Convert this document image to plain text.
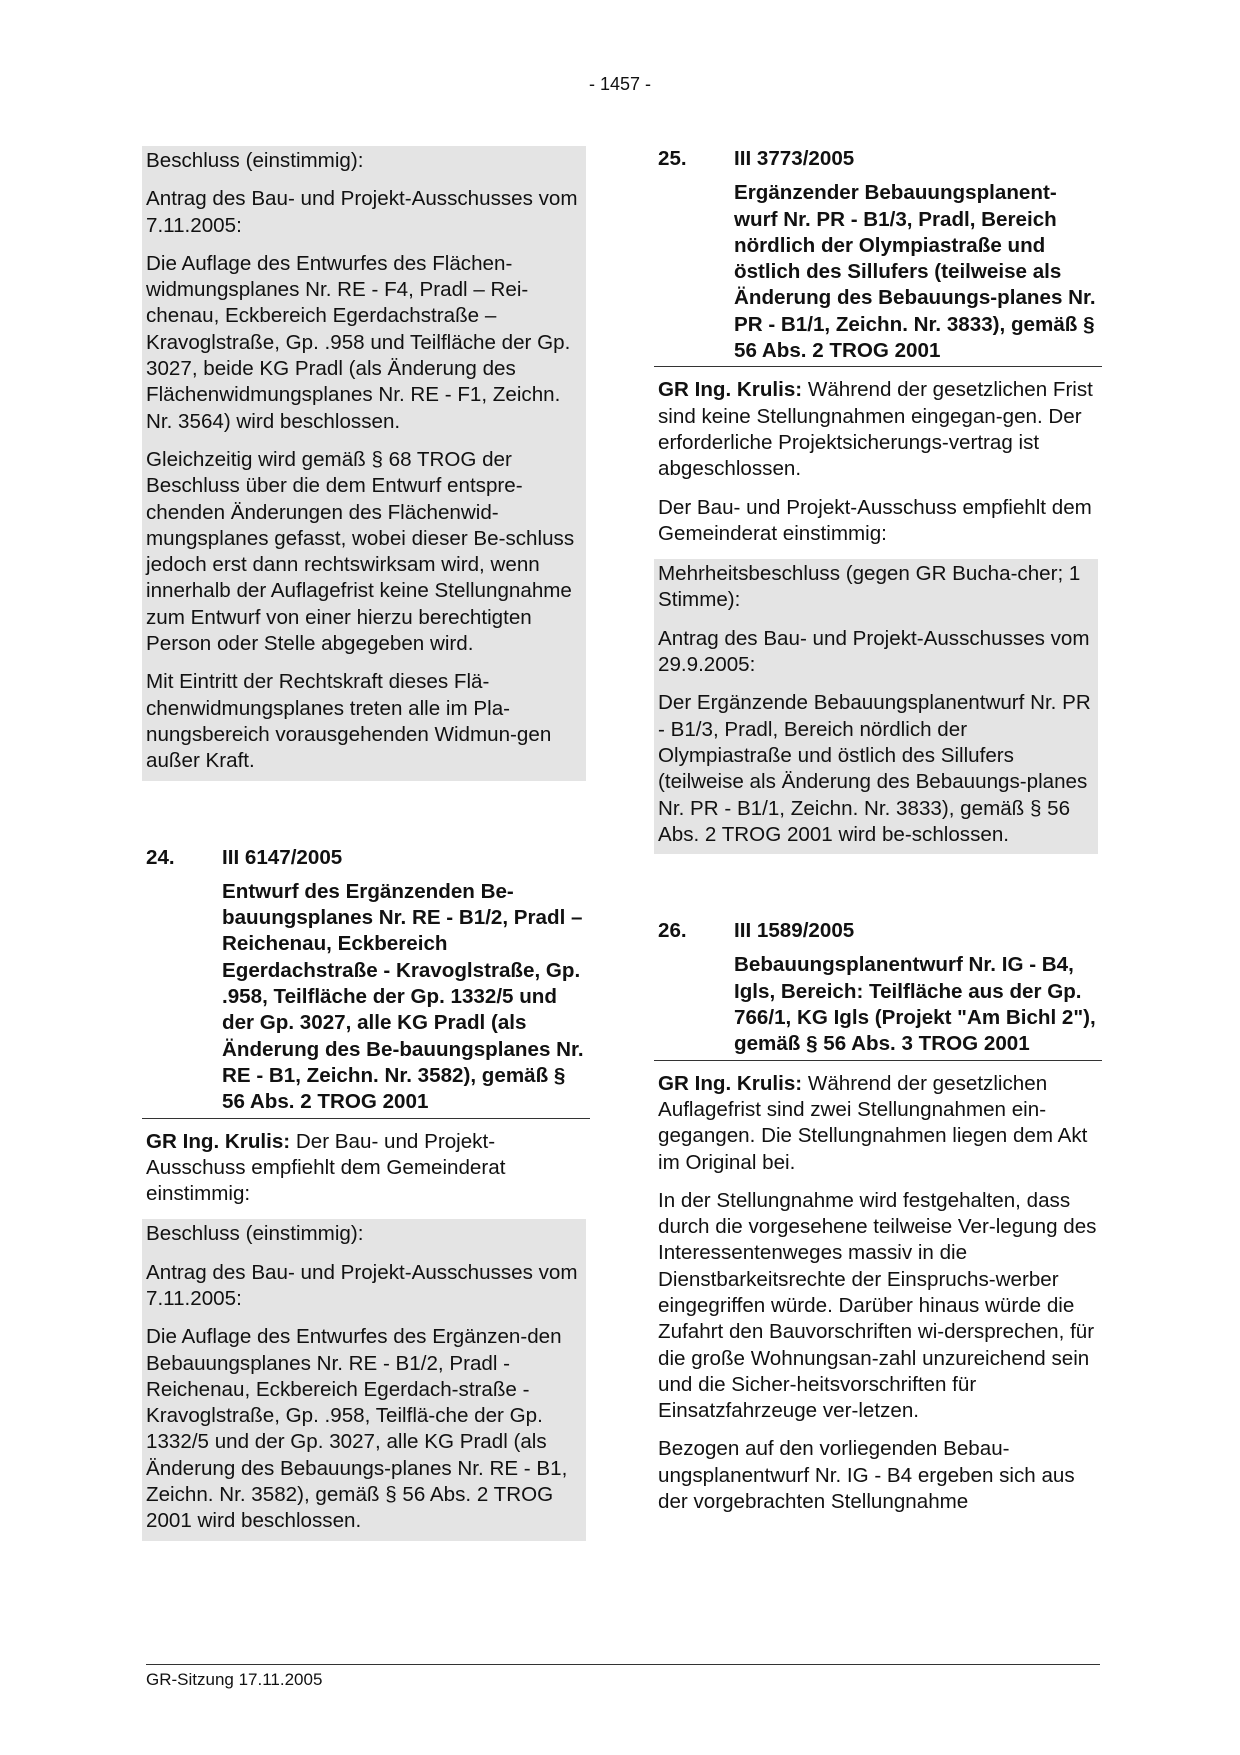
- 1457 -

Beschluss (einstimmig):

Antrag des Bau- und Projekt-Ausschusses vom 7.11.2005:

Die Auflage des Entwurfes des Flächen-widmungsplanes Nr. RE - F4, Pradl – Rei-chenau, Eckbereich Egerdachstraße – Kravoglstraße, Gp. .958 und Teilfläche der Gp. 3027, beide KG Pradl (als Änderung des Flächenwidmungsplanes Nr. RE - F1, Zeichn. Nr. 3564) wird beschlossen.

Gleichzeitig wird gemäß § 68 TROG der Beschluss über die dem Entwurf entspre-chenden Änderungen des Flächenwid-mungsplanes gefasst, wobei dieser Be-schluss jedoch erst dann rechtswirksam wird, wenn innerhalb der Auflagefrist keine Stellungnahme zum Entwurf von einer hierzu berechtigten Person oder Stelle abgegeben wird.

Mit Eintritt der Rechtskraft dieses Flä-chenwidmungsplanes treten alle im Pla-nungsbereich vorausgehenden Widmun-gen außer Kraft.

24.	III 6147/2005

Entwurf des Ergänzenden Be-bauungsplanes Nr. RE - B1/2, Pradl – Reichenau, Eckbereich Egerdachstraße - Kravoglstraße, Gp. .958, Teilfläche der Gp. 1332/5 und der Gp. 3027, alle KG Pradl (als Änderung des Be-bauungsplanes Nr. RE - B1, Zeichn. Nr. 3582), gemäß § 56 Abs. 2 TROG 2001

GR Ing. Krulis: Der Bau- und Projekt-Ausschuss empfiehlt dem Gemeinderat einstimmig:

Beschluss (einstimmig):

Antrag des Bau- und Projekt-Ausschusses vom 7.11.2005:

Die Auflage des Entwurfes des Ergänzen-den Bebauungsplanes Nr. RE - B1/2, Pradl - Reichenau, Eckbereich Egerdach-straße - Kravoglstraße, Gp. .958, Teilflä-che der Gp. 1332/5 und der Gp. 3027, alle KG Pradl (als Änderung des Bebauungs-planes Nr. RE - B1, Zeichn. Nr. 3582), gemäß § 56 Abs. 2 TROG 2001 wird beschlossen.

25.	III 3773/2005

Ergänzender Bebauungsplanent-wurf Nr. PR - B1/3, Pradl, Bereich nördlich der Olympiastraße und östlich des Sillufers (teilweise als Änderung des Bebauungs-planes Nr. PR - B1/1, Zeichn. Nr. 3833), gemäß § 56 Abs. 2 TROG 2001

GR Ing. Krulis: Während der gesetzlichen Frist sind keine Stellungnahmen eingegan-gen. Der erforderliche Projektsicherungs-vertrag ist abgeschlossen.

Der Bau- und Projekt-Ausschuss empfiehlt dem Gemeinderat einstimmig:

Mehrheitsbeschluss (gegen GR Bucha-cher; 1 Stimme):

Antrag des Bau- und Projekt-Ausschusses vom 29.9.2005:

Der Ergänzende Bebauungsplanentwurf Nr. PR - B1/3, Pradl, Bereich nördlich der Olympiastraße und östlich des Sillufers (teilweise als Änderung des Bebauungs-planes Nr. PR - B1/1, Zeichn. Nr. 3833), gemäß § 56 Abs. 2 TROG 2001 wird be-schlossen.

26.	III 1589/2005

Bebauungsplanentwurf Nr. IG - B4, Igls, Bereich: Teilfläche aus der Gp. 766/1, KG Igls (Projekt "Am Bichl 2"), gemäß § 56 Abs. 3 TROG 2001

GR Ing. Krulis: Während der gesetzlichen Auflagefrist sind zwei Stellungnahmen ein-gegangen. Die Stellungnahmen liegen dem Akt im Original bei.

In der Stellungnahme wird festgehalten, dass durch die vorgesehene teilweise Ver-legung des Interessentenweges massiv in die Dienstbarkeitsrechte der Einspruchs-werber eingegriffen würde. Darüber hinaus würde die Zufahrt den Bauvorschriften wi-dersprechen, für die große Wohnungsan-zahl unzureichend sein und die Sicher-heitsvorschriften für Einsatzfahrzeuge ver-letzen.

Bezogen auf den vorliegenden Bebau-ungsplanentwurf Nr. IG - B4 ergeben sich aus der vorgebrachten Stellungnahme

GR-Sitzung 17.11.2005
